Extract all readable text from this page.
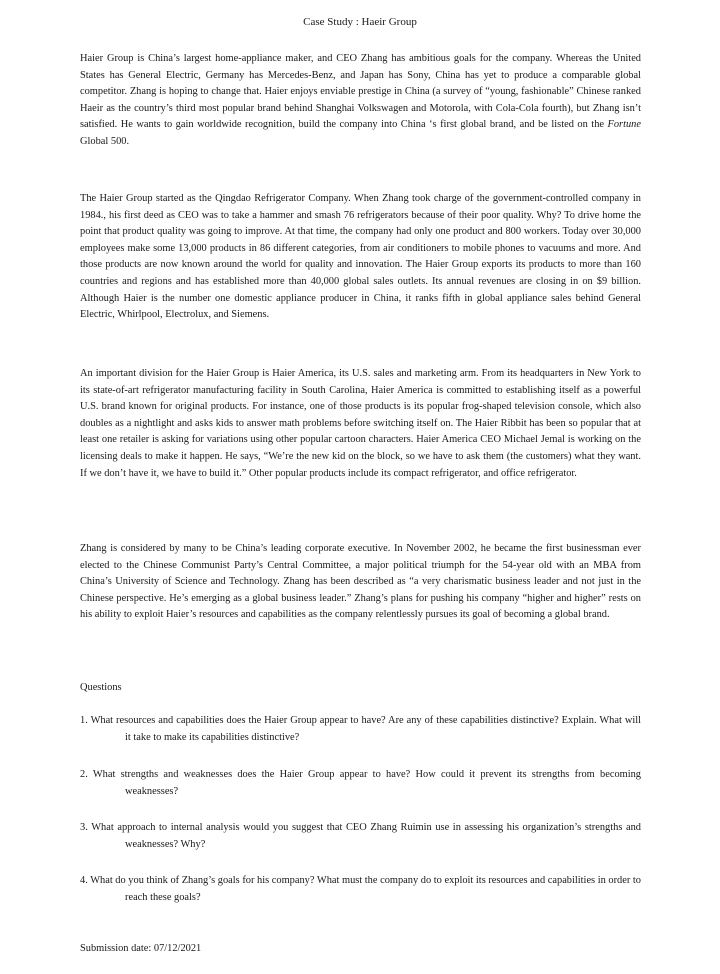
Case Study : Haeir Group

Haier Group is China’s largest home-appliance maker, and CEO Zhang has ambitious goals for the company. Whereas the United States has General Electric, Germany has Mercedes-Benz, and Japan has Sony, China has yet to produce a comparable global competitor. Zhang is hoping to change that. Haier enjoys enviable prestige in China (a survey of “young, fashionable” Chinese ranked Haeir as the country’s third most popular brand behind Shanghai Volkswagen and Motorola, with Cola-Cola fourth), but Zhang isn’t satisfied. He wants to gain worldwide recognition, build the company into China ‘s first global brand, and be listed on the Fortune Global 500.

The Haier Group started as the Qingdao Refrigerator Company. When Zhang took charge of the government-controlled company in 1984., his first deed as CEO was to take a hammer and smash 76 refrigerators because of their poor quality. Why? To drive home the point that product quality was going to improve. At that time, the company had only one product and 800 workers. Today over 30,000 employees make some 13,000 products in 86 different categories, from air conditioners to mobile phones to vacuums and more. And those products are now known around the world for quality and innovation. The Haier Group exports its products to more than 160 countries and regions and has established more than 40,000 global sales outlets. Its annual revenues are closing in on $9 billion. Although Haier is the number one domestic appliance producer in China, it ranks fifth in global appliance sales behind General Electric, Whirlpool, Electrolux, and Siemens.

An important division for the Haier Group is Haier America, its U.S. sales and marketing arm. From its headquarters in New York to its state-of-art refrigerator manufacturing facility in South Carolina, Haier America is committed to establishing itself as a powerful U.S. brand known for original products. For instance, one of those products is its popular frog-shaped television console, which also doubles as a nightlight and asks kids to answer math problems before switching itself on. The Haier Ribbit has been so popular that at least one retailer is asking for variations using other popular cartoon characters. Haier America CEO Michael Jemal is working on the licensing deals to make it happen. He says, “We’re the new kid on the block, so we have to ask them (the customers) what they want. If we don’t have it, we have to build it.” Other popular products include its compact refrigerator, and office refrigerator.

Zhang is considered by many to be China’s leading corporate executive. In November 2002, he became the first businessman ever elected to the Chinese Communist Party’s Central Committee, a major political triumph for the 54-year old with an MBA from China’s University of Science and Technology. Zhang has been described as “a very charismatic business leader and not just in the Chinese perspective. He’s emerging as a global business leader.” Zhang’s plans for pushing his company “higher and higher” rests on his ability to exploit Haier’s resources and capabilities as the company relentlessly pursues its goal of becoming a global brand.

Questions

1. What resources and capabilities does the Haier Group appear to have? Are any of these capabilities distinctive? Explain. What will it take to make its capabilities distinctive?

2. What strengths and weaknesses does the Haier Group appear to have? How could it prevent its strengths from becoming weaknesses?

3. What approach to internal analysis would you suggest that CEO Zhang Ruimin use in assessing his organization’s strengths and weaknesses? Why?

4. What do you think of Zhang’s goals for his company? What must the company do to exploit its resources and capabilities in order to reach these goals?

Submission date: 07/12/2021
